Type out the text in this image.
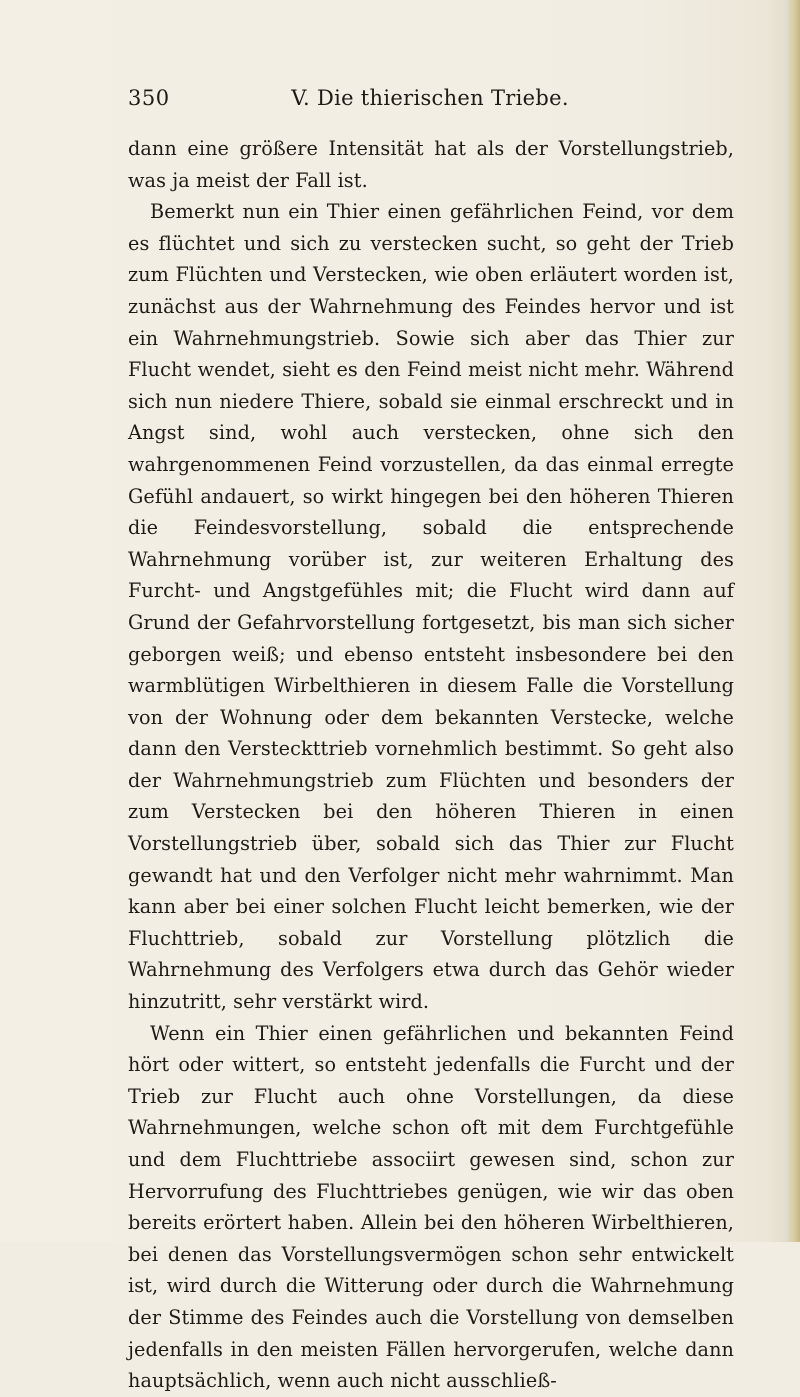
350	V. Die thierischen Triebe.

dann eine größere Intensität hat als der Vorstellungstrieb, was ja meist der Fall ist.

Bemerkt nun ein Thier einen gefährlichen Feind, vor dem es flüchtet und sich zu verstecken sucht, so geht der Trieb zum Flüchten und Verstecken, wie oben erläutert worden ist, zunächst aus der Wahrnehmung des Feindes hervor und ist ein Wahrnehmungstrieb. Sowie sich aber das Thier zur Flucht wendet, sieht es den Feind meist nicht mehr. Während sich nun niedere Thiere, sobald sie einmal erschreckt und in Angst sind, wohl auch verstecken, ohne sich den wahrgenommenen Feind vorzustellen, da das einmal erregte Gefühl andauert, so wirkt hingegen bei den höheren Thieren die Feindesvorstellung, sobald die entsprechende Wahrnehmung vorüber ist, zur weiteren Erhaltung des Furcht- und Angstgefühles mit; die Flucht wird dann auf Grund der Gefahrvorstellung fortgesetzt, bis man sich sicher geborgen weiß; und ebenso entsteht insbesondere bei den warmblütigen Wirbelthieren in diesem Falle die Vorstellung von der Wohnung oder dem bekannten Verstecke, welche dann den Versteckttrieb vornehmlich bestimmt. So geht also der Wahrnehmungstrieb zum Flüchten und besonders der zum Verstecken bei den höheren Thieren in einen Vorstellungstrieb über, sobald sich das Thier zur Flucht gewandt hat und den Verfolger nicht mehr wahrnimmt. Man kann aber bei einer solchen Flucht leicht bemerken, wie der Fluchttrieb, sobald zur Vorstellung plötzlich die Wahrnehmung des Verfolgers etwa durch das Gehör wieder hinzutritt, sehr verstärkt wird.

Wenn ein Thier einen gefährlichen und bekannten Feind hört oder wittert, so entsteht jedenfalls die Furcht und der Trieb zur Flucht auch ohne Vorstellungen, da diese Wahrnehmungen, welche schon oft mit dem Furchtgefühle und dem Fluchttriebe associirt gewesen sind, schon zur Hervorrufung des Fluchttriebes genügen, wie wir das oben bereits erörtert haben. Allein bei den höheren Wirbelthieren, bei denen das Vorstellungsvermögen schon sehr entwickelt ist, wird durch die Witterung oder durch die Wahrnehmung der Stimme des Feindes auch die Vorstellung von demselben jedenfalls in den meisten Fällen hervorgerufen, welche dann hauptsächlich, wenn auch nicht ausschließ-
